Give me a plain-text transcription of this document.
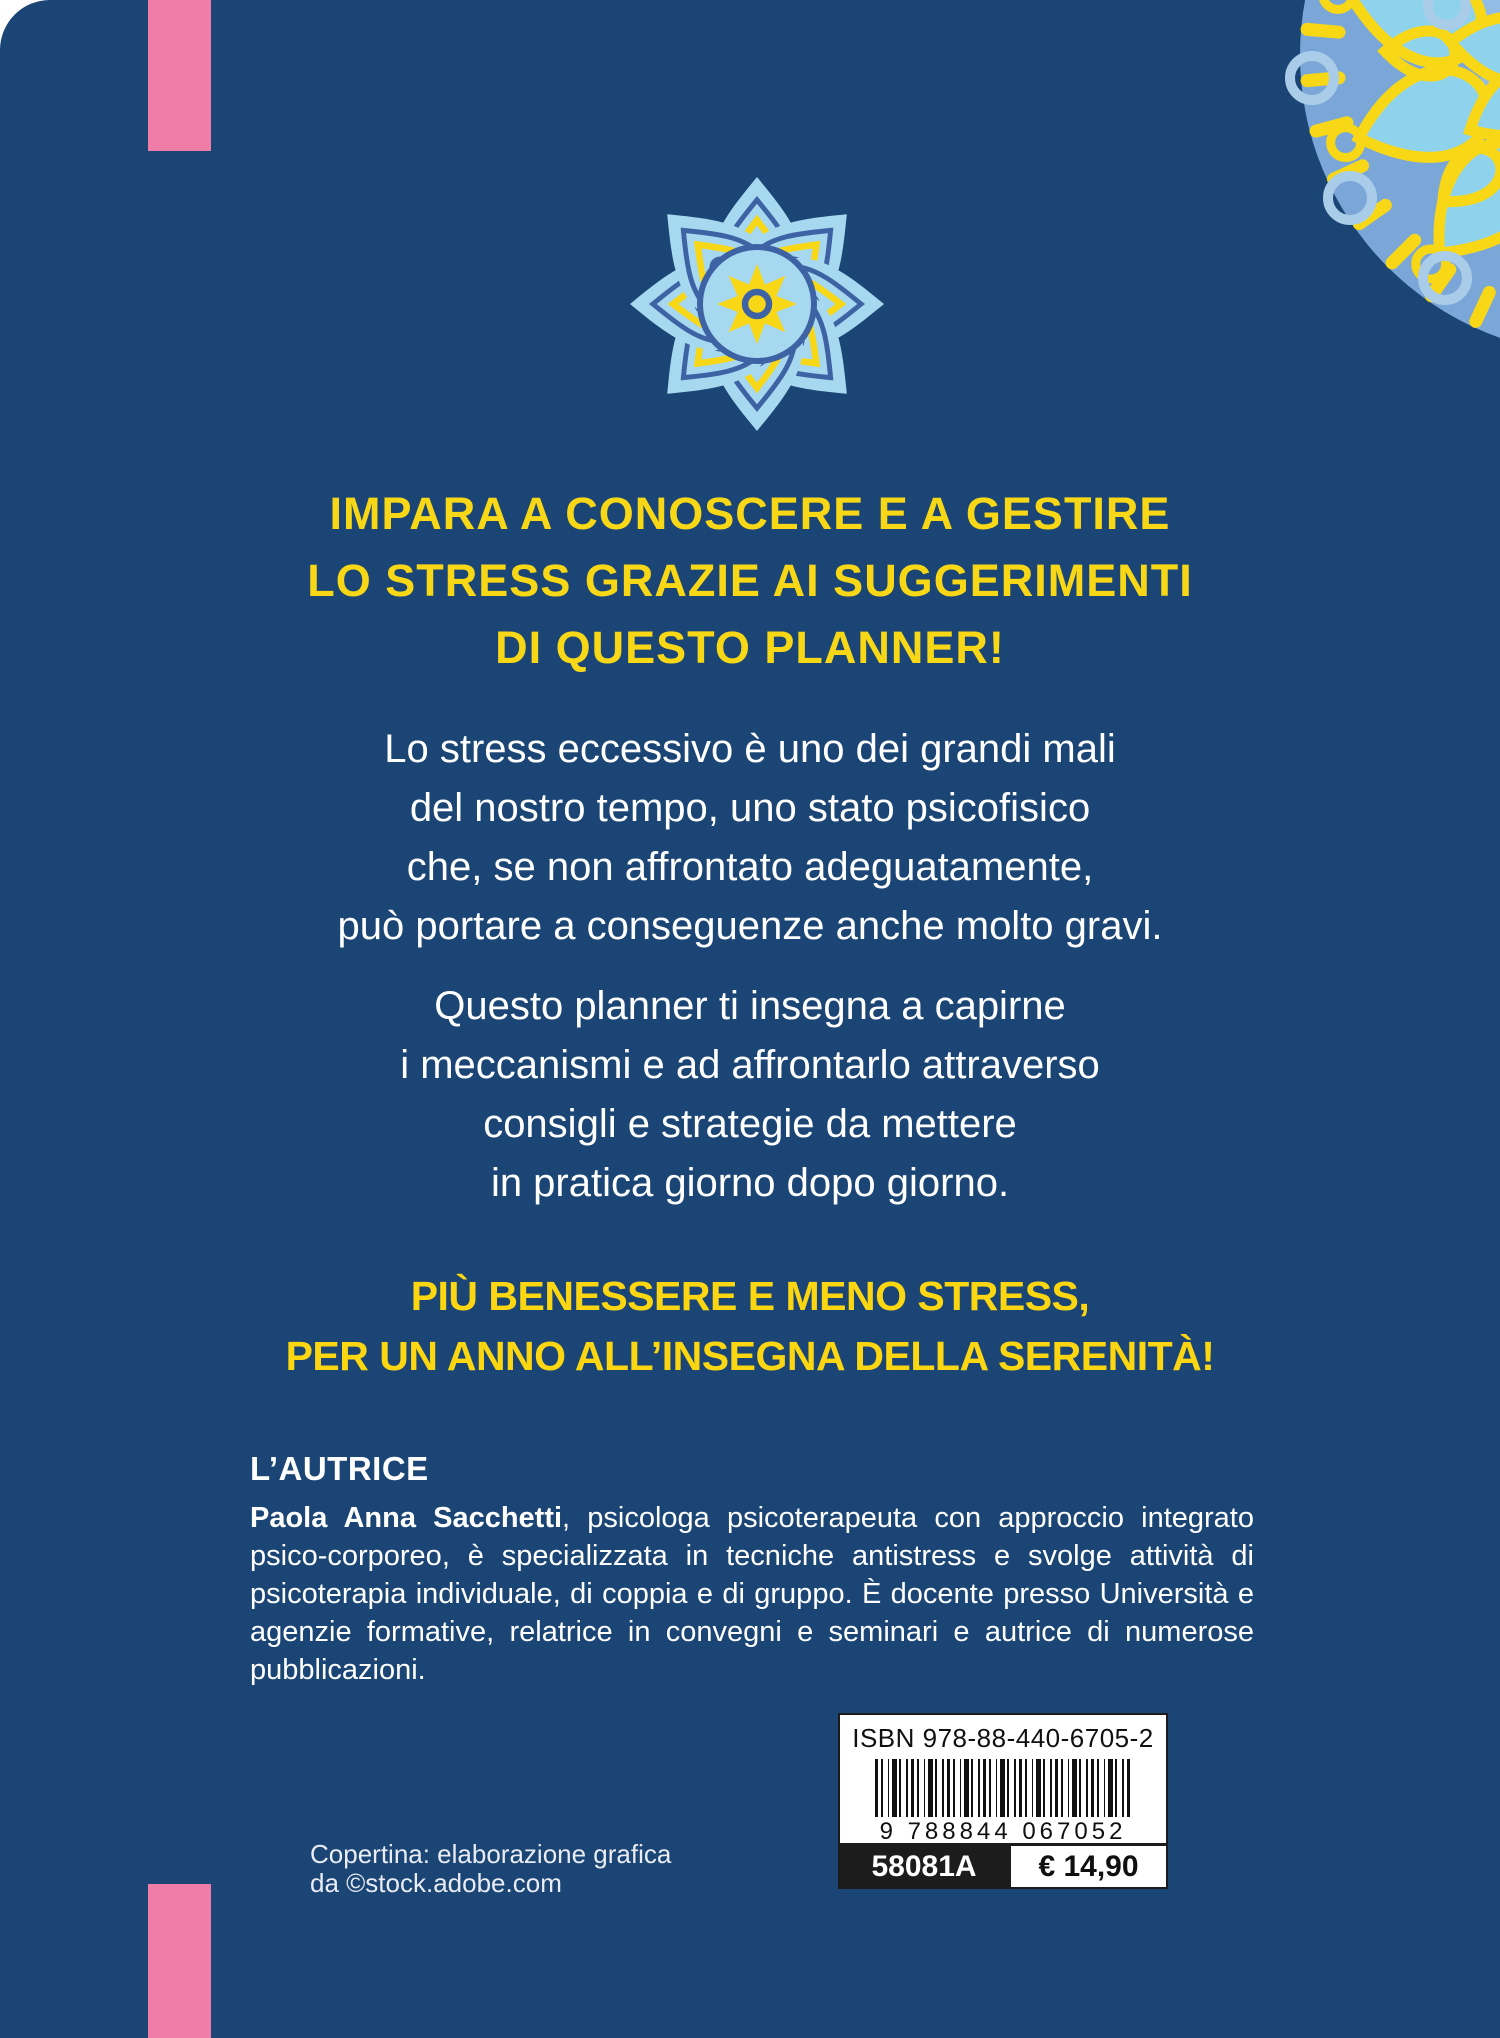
IMPARA A CONOSCERE E A GESTIRE
LO STRESS GRAZIE AI SUGGERIMENTI
DI QUESTO PLANNER!
Lo stress eccessivo è uno dei grandi mali
del nostro tempo, uno stato psicofisico
che, se non affrontato adeguatamente,
può portare a conseguenze anche molto gravi.
Questo planner ti insegna a capirne
i meccanismi e ad affrontarlo attraverso
consigli e strategie da mettere
in pratica giorno dopo giorno.
PIÙ BENESSERE E MENO STRESS,
PER UN ANNO ALL’INSEGNA DELLA SERENITÀ!

L’AUTRICE

Paola Anna Sacchetti, psicologa psicoterapeuta con approccio integrato psico-corporeo, è specializzata in tecniche antistress e svolge attività di psicoterapia individuale, di coppia e di gruppo. È docente presso Università e agenzie formative, relatrice in convegni e seminari e autrice di numerose pubblicazioni.

Copertina: elaborazione grafica
da ©stock.adobe.com
ISBN 978-88-440-6705-2
9 788844 067052
58081A	€ 14,90
